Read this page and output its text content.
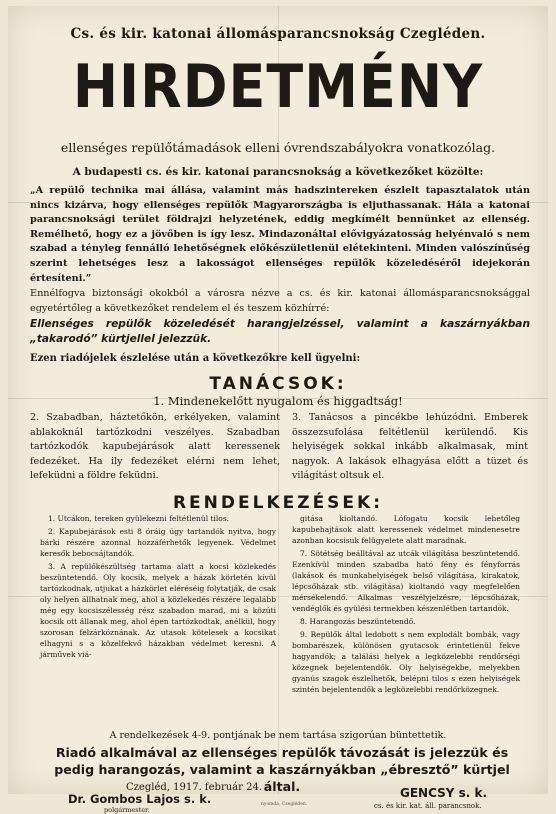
Cs. és kir. katonai állomásparancsnokság Czegléden.
HIRDETMÉNY
ellenséges repülőtámadások elleni óvrendszabályokra vonatkozólag.
A budapesti cs. és kir. katonai parancsnokság a következőket közölte:
„A repülő technika mai állása, valamint más hadszintereken észlelt tapasztalatok után nincs kizárva, hogy ellenséges repülők Magyarországba is eljuthassanak. Hála a katonai parancsnoksági terület földrajzi helyzetének, eddig megkímélt bennünket az ellenség. Remélhető, hogy ez a jövőben is így lesz. Mindazonáltal elővigyázatosság helyénvaló s nem szabad a tényleg fennálló lehetőségnek előkészületlenül elétekinteni. Minden valószínűség szerint lehetséges lesz a lakosságot ellenséges repülők közeledéséről idejekorán értesíteni.”
Ennélfogva biztonsági okokból a városra nézve a cs. és kir. katonai állomásparancsnoksággal egyetértőleg a következőket rendelem el és teszem közhírré:
Ellenséges repülők közeledését harangjelzéssel, valamint a kaszárnyákban „takarodó” kürtjellel jelezzük.
Ezen riadójelek észlelése után a következőkre kell ügyelni:
TANÁCSOK:
1. Mindenekelőtt nyugalom és higgadtság!
2. Szabadban, háztetőkön, erkélyeken, valamint ablakoknál tartózkodni veszélyes. Szabadban tartózkodók kapubejárások alatt keressenek fedezéket. Ha ily fedezéket elérni nem lehet, lefeküdni a földre feküdni.
3. Tanácsos a pincékbe lehúzódni. Emberek összezsufolása feltétlenül kerülendő. Kis helyiségek sokkal inkább alkalmasak, mint nagyok. A lakások elhagyása előtt a tüzet és világítást oltsuk el.
RENDELKEZÉSEK:

1. Utcákon, tereken gyülekezni feltétlenül tilos.

2. Kapubejárások esti 8 óráig úgy tartandók nyitva, hogy bárki részére azonnal hozzáférhetők legyenek. Védelmet keresők bebocsájtandók.

3. A repülőkészültség tartama alatt a kocsi közlekedés beszüntetendő. Oly kocsik, melyek a házak körletén kívül tartózkodnak, utjukat a házkörlet eléréséig folytatják, de csak oly helyen állhatnak meg, ahol a közlekedés részére legalább még egy kocsiszélesség rész szabadon marad, mi a közúti kocsik ott állanak meg, ahol épen tartózkodtak, anélkül, hogy szorosan felzárkóznának. Az utasok kötelesek a kocsikat elhagyni s a közelfekvő házakban védelmet keresni. A járművek viá-

gitása kioltandó. Lófogatu kocsik lehetőleg kapubehajtások alatt keressenek védelmet mindenesetre azonban kocsisuk felügyelete alatt maradnak.

7. Sötétség beálltával az utcák világítása beszüntetendő. Ezenkívül minden szabadba ható fény és fényforrás (lakások és munkahelyiségek belső világítása, kirakatok, lépcsőházak stb. világítása) kioltandó vagy megfelelően mérsékelendő. Alkalmas veszélyjelzésre, lépcsőházak, vendéglők és gyülési termekben készenlétben tartandók.

8. Harangozás beszüntetendő.

9. Repülők által ledobott s nem explodált bombák, vagy bombarészek, különösen gyutacsok érintetlenül fekve hagyandók; a találási helyek a legközelebbi rendőrségi közegnek bejelentendők. Oly helyiségekbe, melyekben gyanús szagok észlelhetők, belépni tilos s ezen helyiségek szintén bejelentendők a legközelebbi rendőrközegnek.

A rendelkezések 4-9. pontjának be nem tartása szigorúan büntettetik.
Riadó alkalmával az ellenséges repülők távozását is jelezzük és pedig harangozás, valamint a kaszárnyákban „ébresztő” kürtjel által.
Czegléd, 1917. február 24.
Dr. Gombos Lajos s. k.
polgármester.
GENCSY s. k.
cs. és kir. kat. áll. parancsnok.
nyomda, Czegléden.
